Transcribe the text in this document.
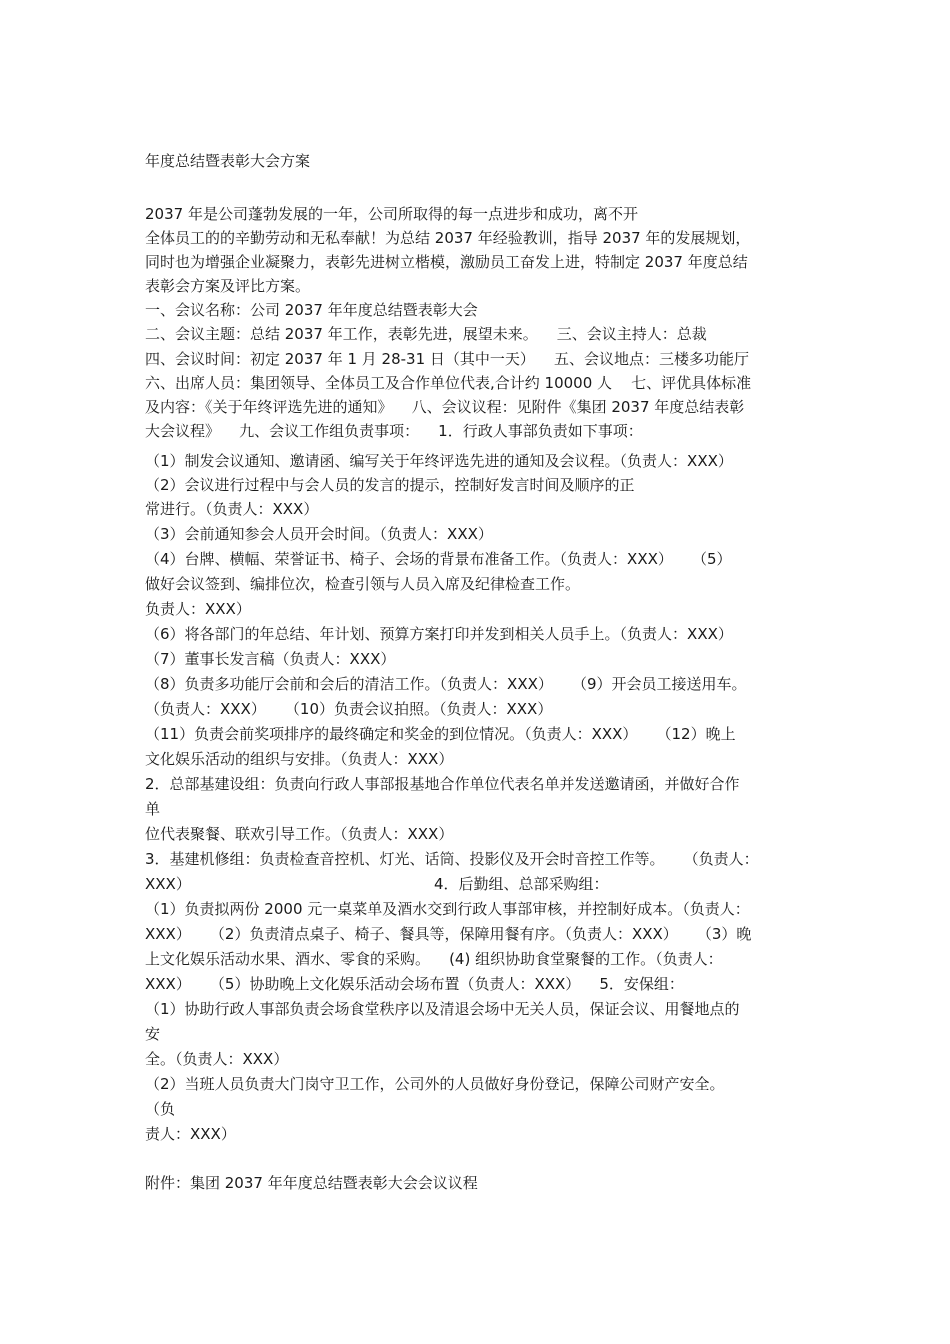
年度总结暨表彰大会方案
2037 年是公司蓬勃发展的一年，公司所取得的每一点进步和成功，离不开
全体员工的的辛勤劳动和无私奉献！为总结 2037 年经验教训，指导 2037 年的发展规划，
同时也为增强企业凝聚力，表彰先进树立楷模，激励员工奋发上进，特制定 2037 年度总结
表彰会方案及评比方案。
一、会议名称：公司 2037 年年度总结暨表彰大会
二、会议主题：总结 2037 年工作，表彰先进，展望未来。    三、会议主持人：总裁
四、会议时间：初定 2037 年 1 月 28-31 日（其中一天）    五、会议地点：三楼多功能厅
六、出席人员：集团领导、全体员工及合作单位代表,合计约 10000 人    七、评优具体标准
及内容：《关于年终评选先进的通知》    八、会议议程：见附件《集团 2037 年度总结表彰
大会议程》    九、会议工作组负责事项：    1．行政人事部负责如下事项：
（1）制发会议通知、邀请函、编写关于年终评选先进的通知及会议程。（负责人：XXX）
（2）会议进行过程中与会人员的发言的提示，控制好发言时间及顺序的正
常进行。（负责人：XXX）
（3）会前通知参会人员开会时间。（负责人：XXX）
（4）台牌、横幅、荣誉证书、椅子、会场的背景布准备工作。（负责人：XXX）    （5）
做好会议签到、编排位次，检查引领与人员入席及纪律检查工作。
负责人：XXX）
（6）将各部门的年总结、年计划、预算方案打印并发到相关人员手上。（负责人：XXX）
（7）董事长发言稿（负责人：XXX）
（8）负责多功能厅会前和会后的清洁工作。（负责人：XXX）    （9）开会员工接送用车。
（负责人：XXX）    （10）负责会议拍照。（负责人：XXX）
（11）负责会前奖项排序的最终确定和奖金的到位情况。（负责人：XXX）    （12）晚上
文化娱乐活动的组织与安排。（负责人：XXX）
2．总部基建设组：负责向行政人事部报基地合作单位代表名单并发送邀请函，并做好合作
单
位代表聚餐、联欢引导工作。（负责人：XXX）
3．基建机修组：负责检查音控机、灯光、话筒、投影仪及开会时音控工作等。    （负责人：
XXX）                                                   4．后勤组、总部采购组：
（1）负责拟两份 2000 元一桌菜单及酒水交到行政人事部审核，并控制好成本。（负责人：
XXX）    （2）负责清点桌子、椅子、餐具等，保障用餐有序。（负责人：XXX）    （3）晚
上文化娱乐活动水果、酒水、零食的采购。    (4) 组织协助食堂聚餐的工作。（负责人：
XXX）    （5）协助晚上文化娱乐活动会场布置（负责人：XXX）    5．安保组：
（1）协助行政人事部负责会场食堂秩序以及清退会场中无关人员，保证会议、用餐地点的
安
全。（负责人：XXX）
（2）当班人员负责大门岗守卫工作，公司外的人员做好身份登记，保障公司财产安全。
（负
责人：XXX）
附件：集团 2037 年年度总结暨表彰大会会议议程
